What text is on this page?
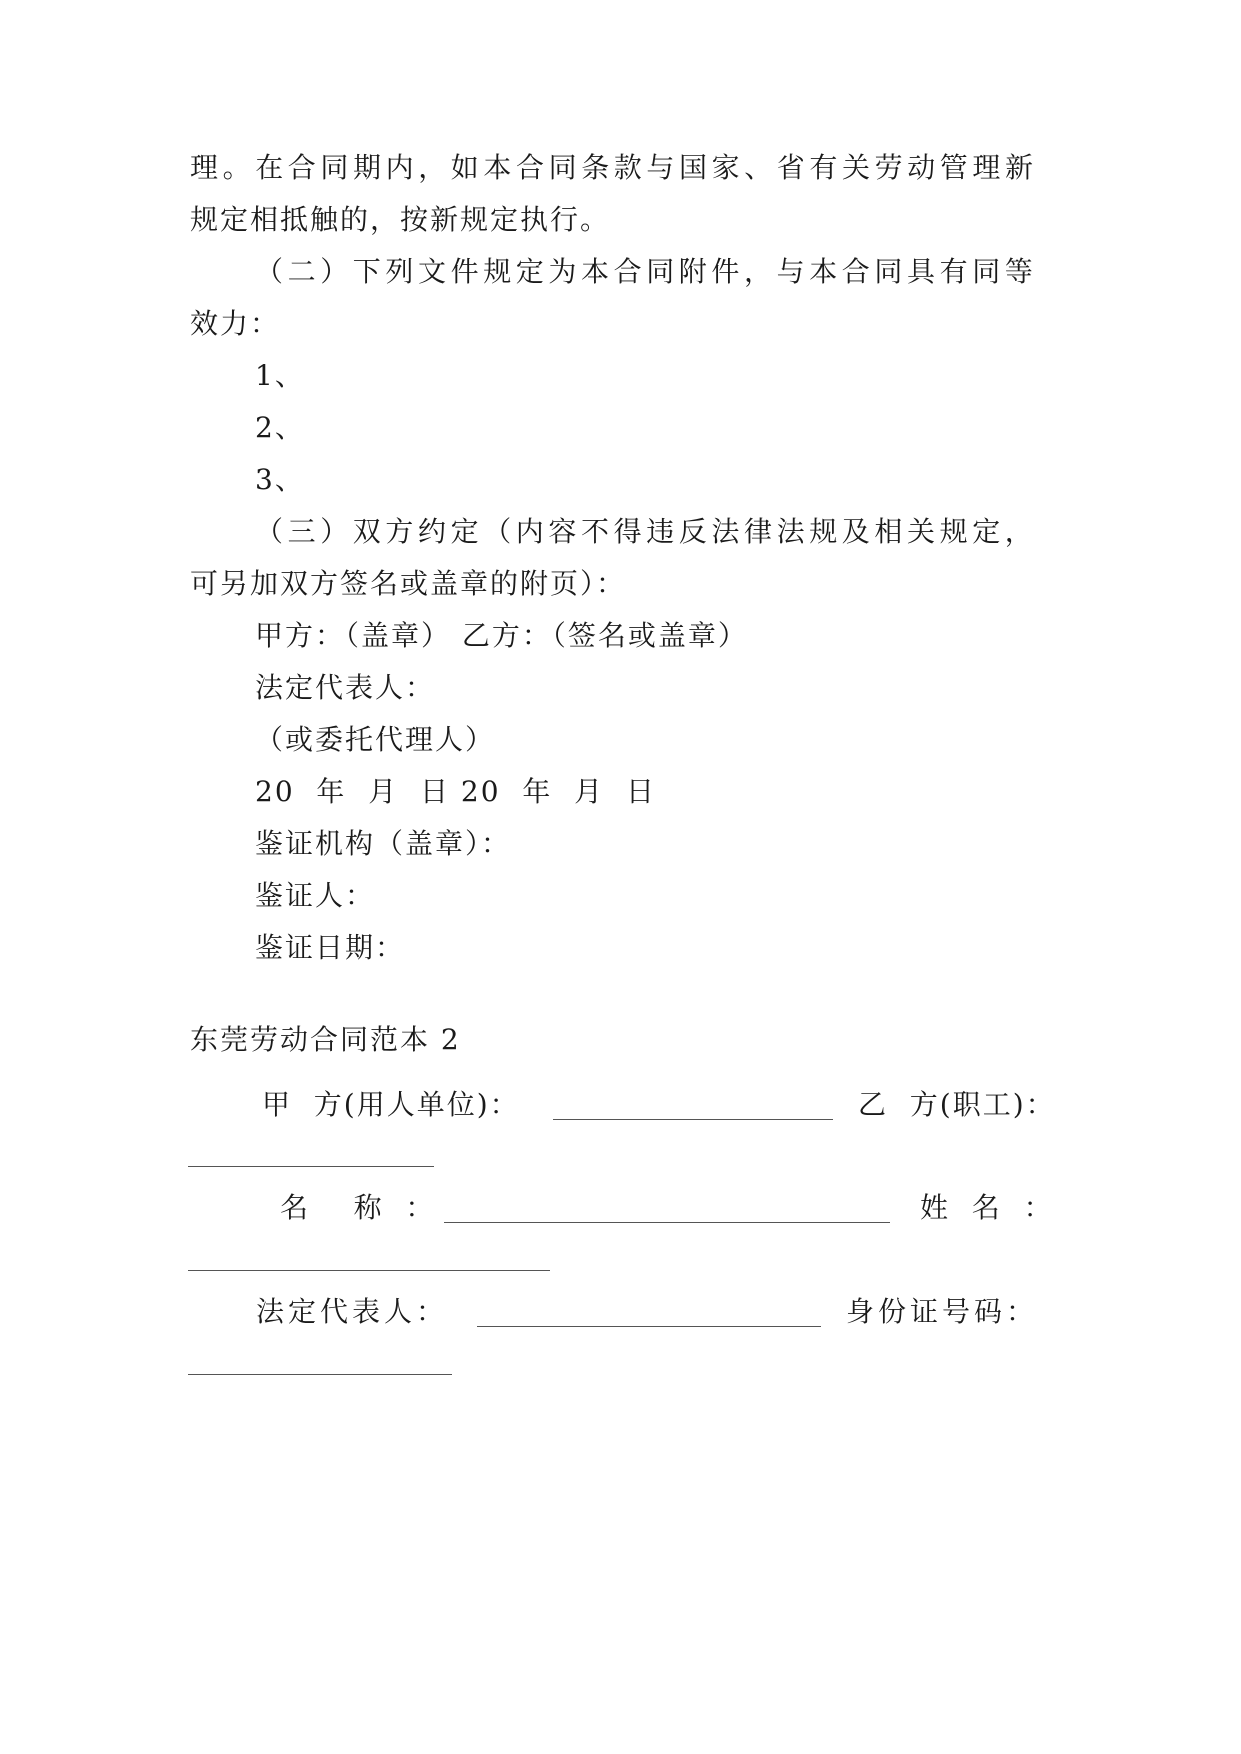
理。在合同期内，如本合同条款与国家、省有关劳动管理新
规定相抵触的，按新规定执行。
（二）下列文件规定为本合同附件，与本合同具有同等
效力：
1、
2、
3、
（三）双方约定（内容不得违反法律法规及相关规定，
可另加双方签名或盖章的附页）：
甲方：（盖章） 乙方：（签名或盖章）
法定代表人：
（或委托代理人）
20  年  月  日 20  年  月  日
鉴证机构（盖章）：
鉴证人：
鉴证日期：
东莞劳动合同范本 2
甲  方(用人单位)：	乙  方(职工)：
名    称  ：	姓  名  ：
法定代表人：	身份证号码：
